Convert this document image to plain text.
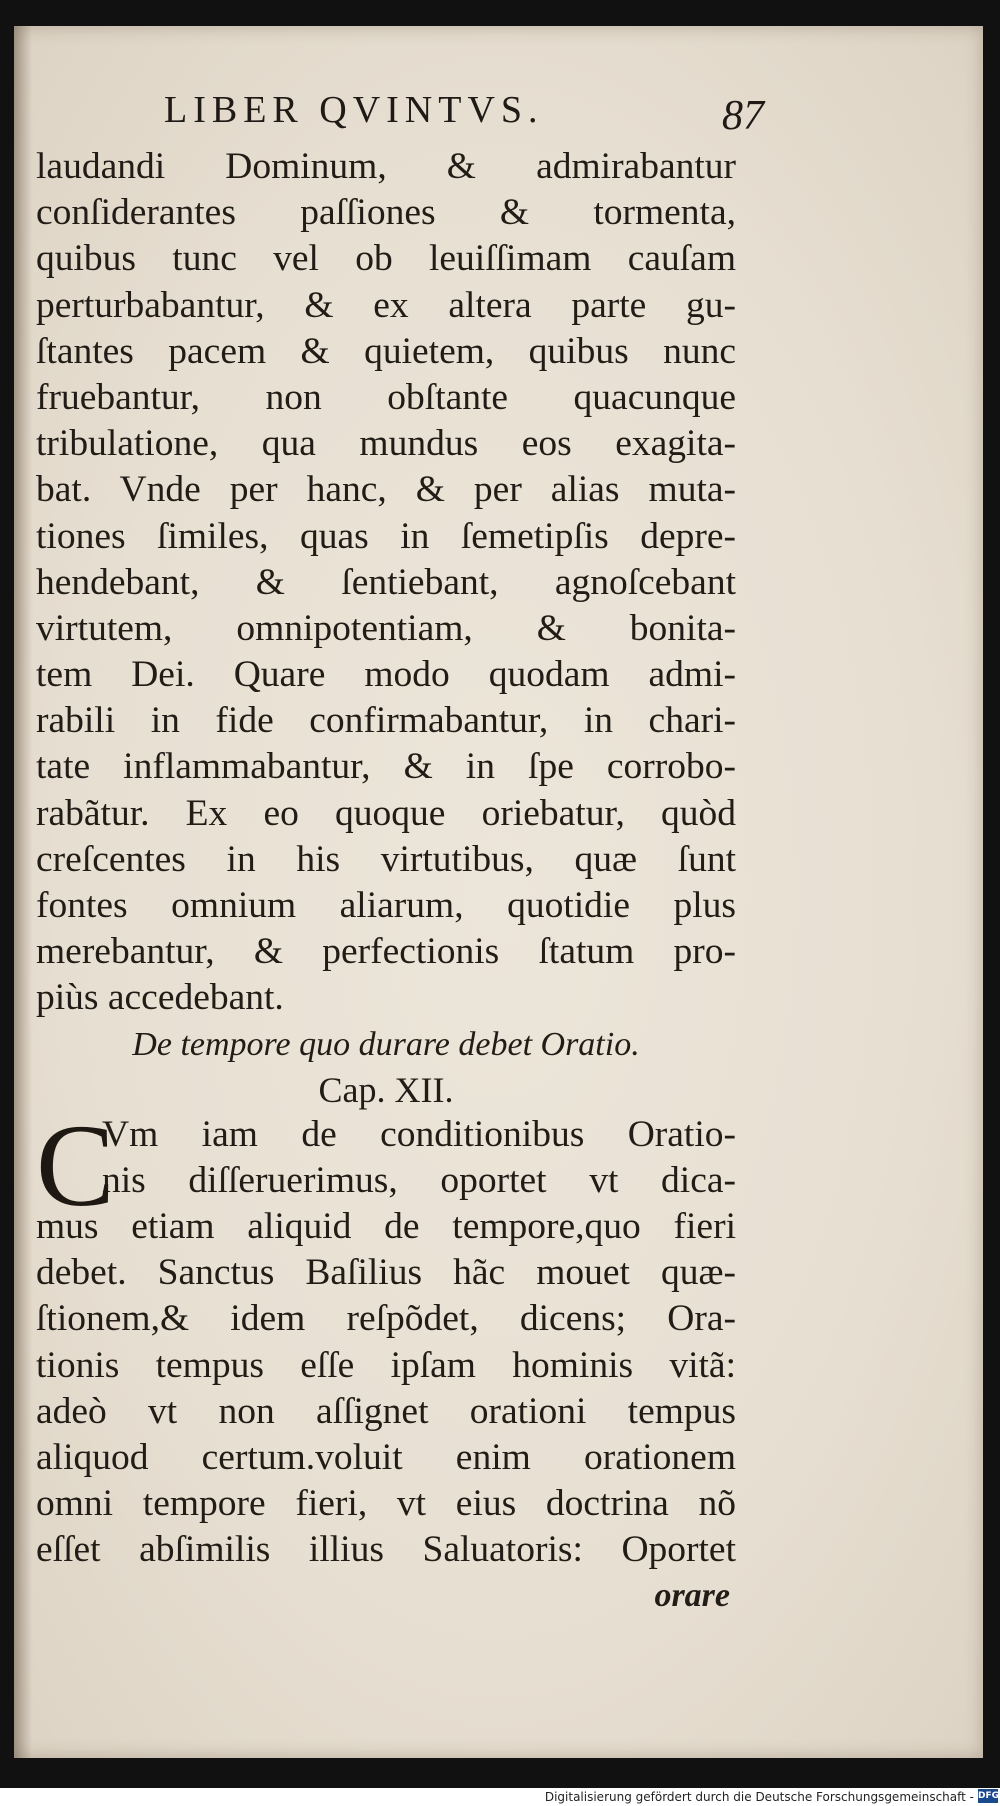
LIBER QVINTVS.	87
laudandi Dominum, & admirabantur
conſiderantes paſſiones & tormenta,
quibus tunc vel ob leuiſſimam cauſam
perturbabantur, & ex altera parte gu-
ſtantes pacem & quietem, quibus nunc
fruebantur, non obſtante quacunque
tribulatione, qua mundus eos exagita-
bat. Vnde per hanc, & per alias muta-
tiones ſimiles, quas in ſemetipſis depre-
hendebant, & ſentiebant, agnoſcebant
virtutem, omnipotentiam, & bonita-
tem Dei. Quare modo quodam admi-
rabili in fide confirmabantur, in chari-
tate inflammabantur, & in ſpe corrobo-
rabãtur. Ex eo quoque oriebatur, quòd
creſcentes in his virtutibus, quæ ſunt
fontes omnium aliarum, quotidie plus
merebantur, & perfectionis ſtatum pro-
piùs accedebant.
De tempore quo durare debet Oratio.
Cap. XII.
C
Vm iam de conditionibus Oratio-
nis diſſeruerimus, oportet vt dica-
mus etiam aliquid de tempore,quo fieri
debet. Sanctus Baſilius hãc mouet quæ-
ſtionem,& idem reſpõdet, dicens; Ora-
tionis tempus eſſe ipſam hominis vitã:
adeò vt non aſſignet orationi tempus
aliquod certum.voluit enim orationem
omni tempore fieri, vt eius doctrina nõ
eſſet abſimilis illius Saluatoris: Oportet
orare
Digitalisierung gefördert durch die Deutsche Forschungsgemeinschaft - DFG
